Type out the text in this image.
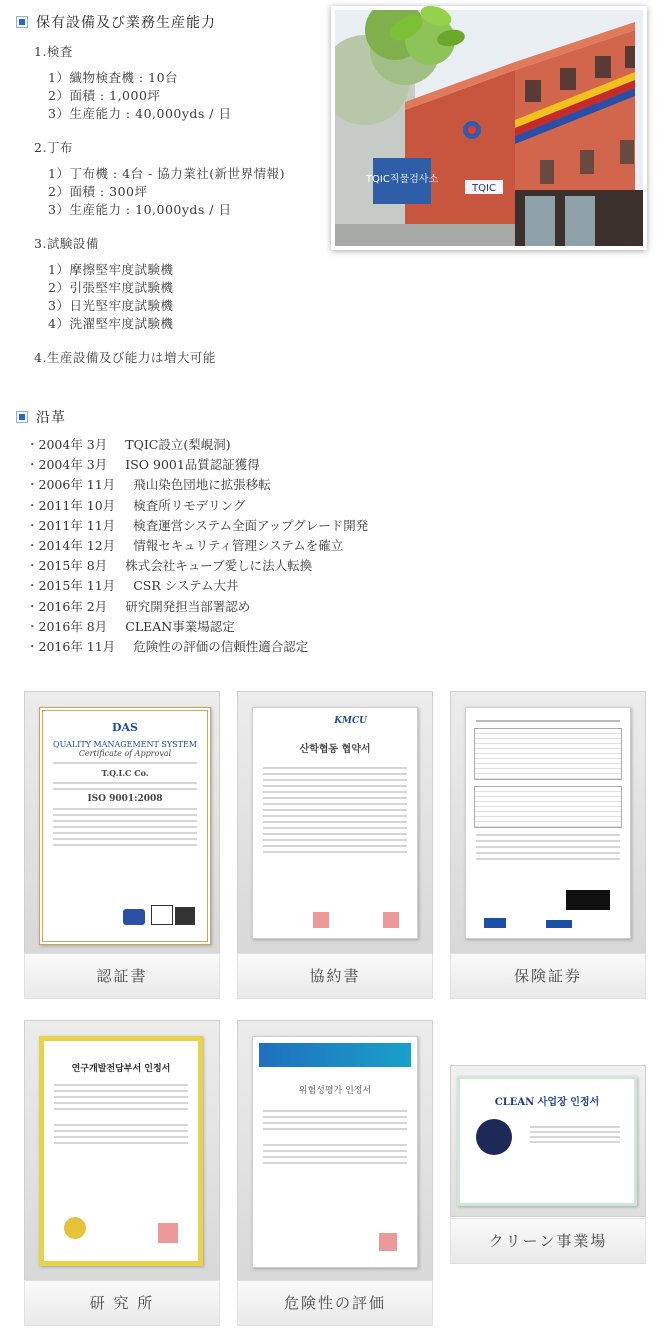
保有設備及び業務生産能力
1.検査
1）織物検査機 : 10台
2）面積 : 1,000坪
3）生産能力 : 40,000yds / 日
2.丁布
1）丁布機 : 4台 - 協力業社(新世界情報)
2）面積 : 300坪
3）生産能力 : 10,000yds / 日
3.試験設備
1）摩擦堅牢度試験機
2）引張堅牢度試験機
3）日光堅牢度試験機
4）洗濯堅牢度試験機
4.生産設備及び能力は増大可能
TQIC직물검사소
TQIC
沿革
・ 2004年 3月 TQIC設立(梨峴洞)
・ 2004年 3月 ISO 9001品質認証獲得
・ 2006年 11月 飛山染色団地に拡張移転
・ 2011年 10月 検査所リモデリング
・ 2011年 11月 検査運営システム全面アップグレード開発
・ 2014年 12月 情報セキュリティ管理システムを確立
・ 2015年 8月 株式会社キューブ愛しに法人転換
・ 2015年 11月 CSR システム大井
・ 2016年 2月 研究開発担当部署認め
・ 2016年 8月 CLEAN事業場認定
・ 2016年 11月 危険性の評価の信頼性適合認定
DAS
QUALITY MANAGEMENT SYSTEM
Certificate of Approval
T.Q.I.C Co.
ISO 9001:2008
認証書
KMCU
산학협동 협약서
協約書	保険証券
연구개발전담부서 인정서
研 究 所
위험성평가 인정서
危険性の評価
CLEAN 사업장 인정서
クリーン事業場
